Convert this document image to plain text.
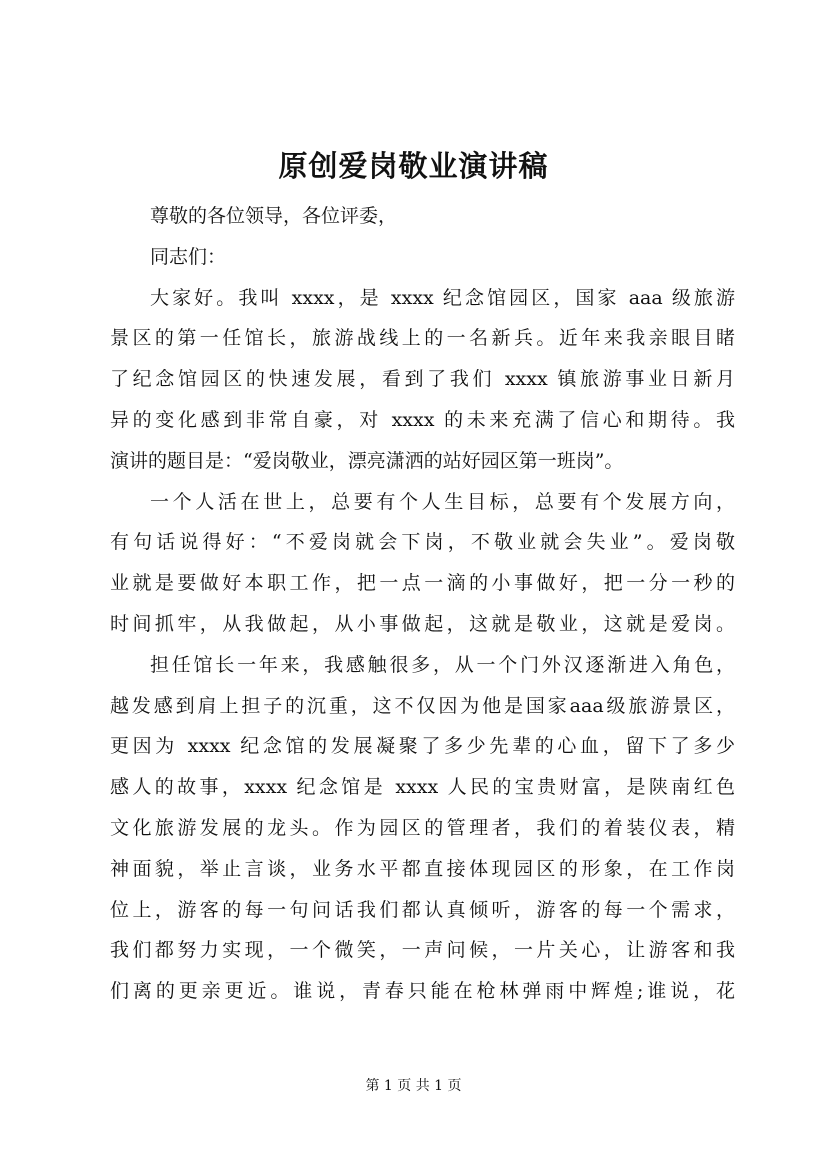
原创爱岗敬业演讲稿
尊敬的各位领导，各位评委，
同志们：
大家好。我叫 xxxx，是 xxxx 纪念馆园区，国家 aaa 级旅游
景区的第一任馆长，旅游战线上的一名新兵。近年来我亲眼目睹
了纪念馆园区的快速发展，看到了我们 xxxx 镇旅游事业日新月
异的变化感到非常自豪，对 xxxx 的未来充满了信心和期待。我
演讲的题目是：“爱岗敬业，漂亮潇洒的站好园区第一班岗”。
一个人活在世上，总要有个人生目标，总要有个发展方向，
有句话说得好：“不爱岗就会下岗，不敬业就会失业”。爱岗敬
业就是要做好本职工作，把一点一滴的小事做好，把一分一秒的
时间抓牢，从我做起，从小事做起，这就是敬业，这就是爱岗。
担任馆长一年来，我感触很多，从一个门外汉逐渐进入角色，
越发感到肩上担子的沉重，这不仅因为他是国家aaa级旅游景区，
更因为 xxxx 纪念馆的发展凝聚了多少先辈的心血，留下了多少
感人的故事，xxxx 纪念馆是 xxxx 人民的宝贵财富，是陕南红色
文化旅游发展的龙头。作为园区的管理者，我们的着装仪表，精
神面貌，举止言谈，业务水平都直接体现园区的形象，在工作岗
位上，游客的每一句问话我们都认真倾听，游客的每一个需求，
我们都努力实现，一个微笑，一声问候，一片关心，让游客和我
们离的更亲更近。谁说，青春只能在枪林弹雨中辉煌;谁说，花
第 1 页 共 1 页
